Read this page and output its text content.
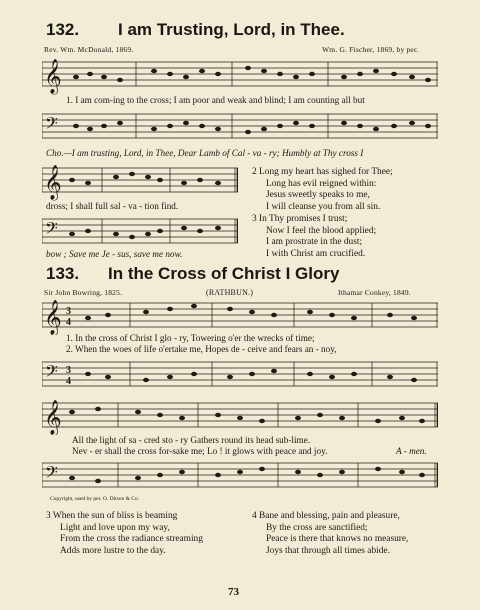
132. I am Trusting, Lord, in Thee.
Rev. Wm. McDonald, 1869.	Wm. G. Fischer, 1869, by per.
𝄞
1. I am com-ing to the cross; I am poor and weak and blind; I am counting all but
𝄢
Cho.—I am trusting, Lord, in Thee, Dear Lamb of Cal - va - ry; Humbly at Thy cross I
𝄞
dross; I shall full sal - va - tion find.
𝄢
bow ; Save me Je - sus, save me now.
2 Long my heart has sighed for Thee;
Long has evil reigned within:
Jesus sweetly speaks to me,
I will cleanse you from all sin.
3 In Thy promises I trust;
Now I feel the blood applied;
I am prostrate in the dust;
I with Christ am crucified.
133. In the Cross of Christ I Glory
Sir John Bowring, 1825.	(RATHBUN.)	Ithamar Conkey, 1849.
𝄞 3
4
1. In the cross of Christ I glo - ry, Towering o'er the wrecks of time;
2. When the woes of life o'ertake me, Hopes de - ceive and fears an - noy,
𝄢 3
4
𝄞
All the light of sa - cred sto - ry Gathers round its head sub-lime.
Nev - er shall the cross for-sake me; Lo ! it glows with peace and joy.	A - men.
𝄢
Copyright, used by per. O. Ditson & Co.
3 When the sun of bliss is beaming
Light and love upon my way,
From the cross the radiance streaming
Adds more lustre to the day.
4 Bane and blessing, pain and pleasure,
By the cross are sanctified;
Peace is there that knows no measure,
Joys that through all times abide.
73
